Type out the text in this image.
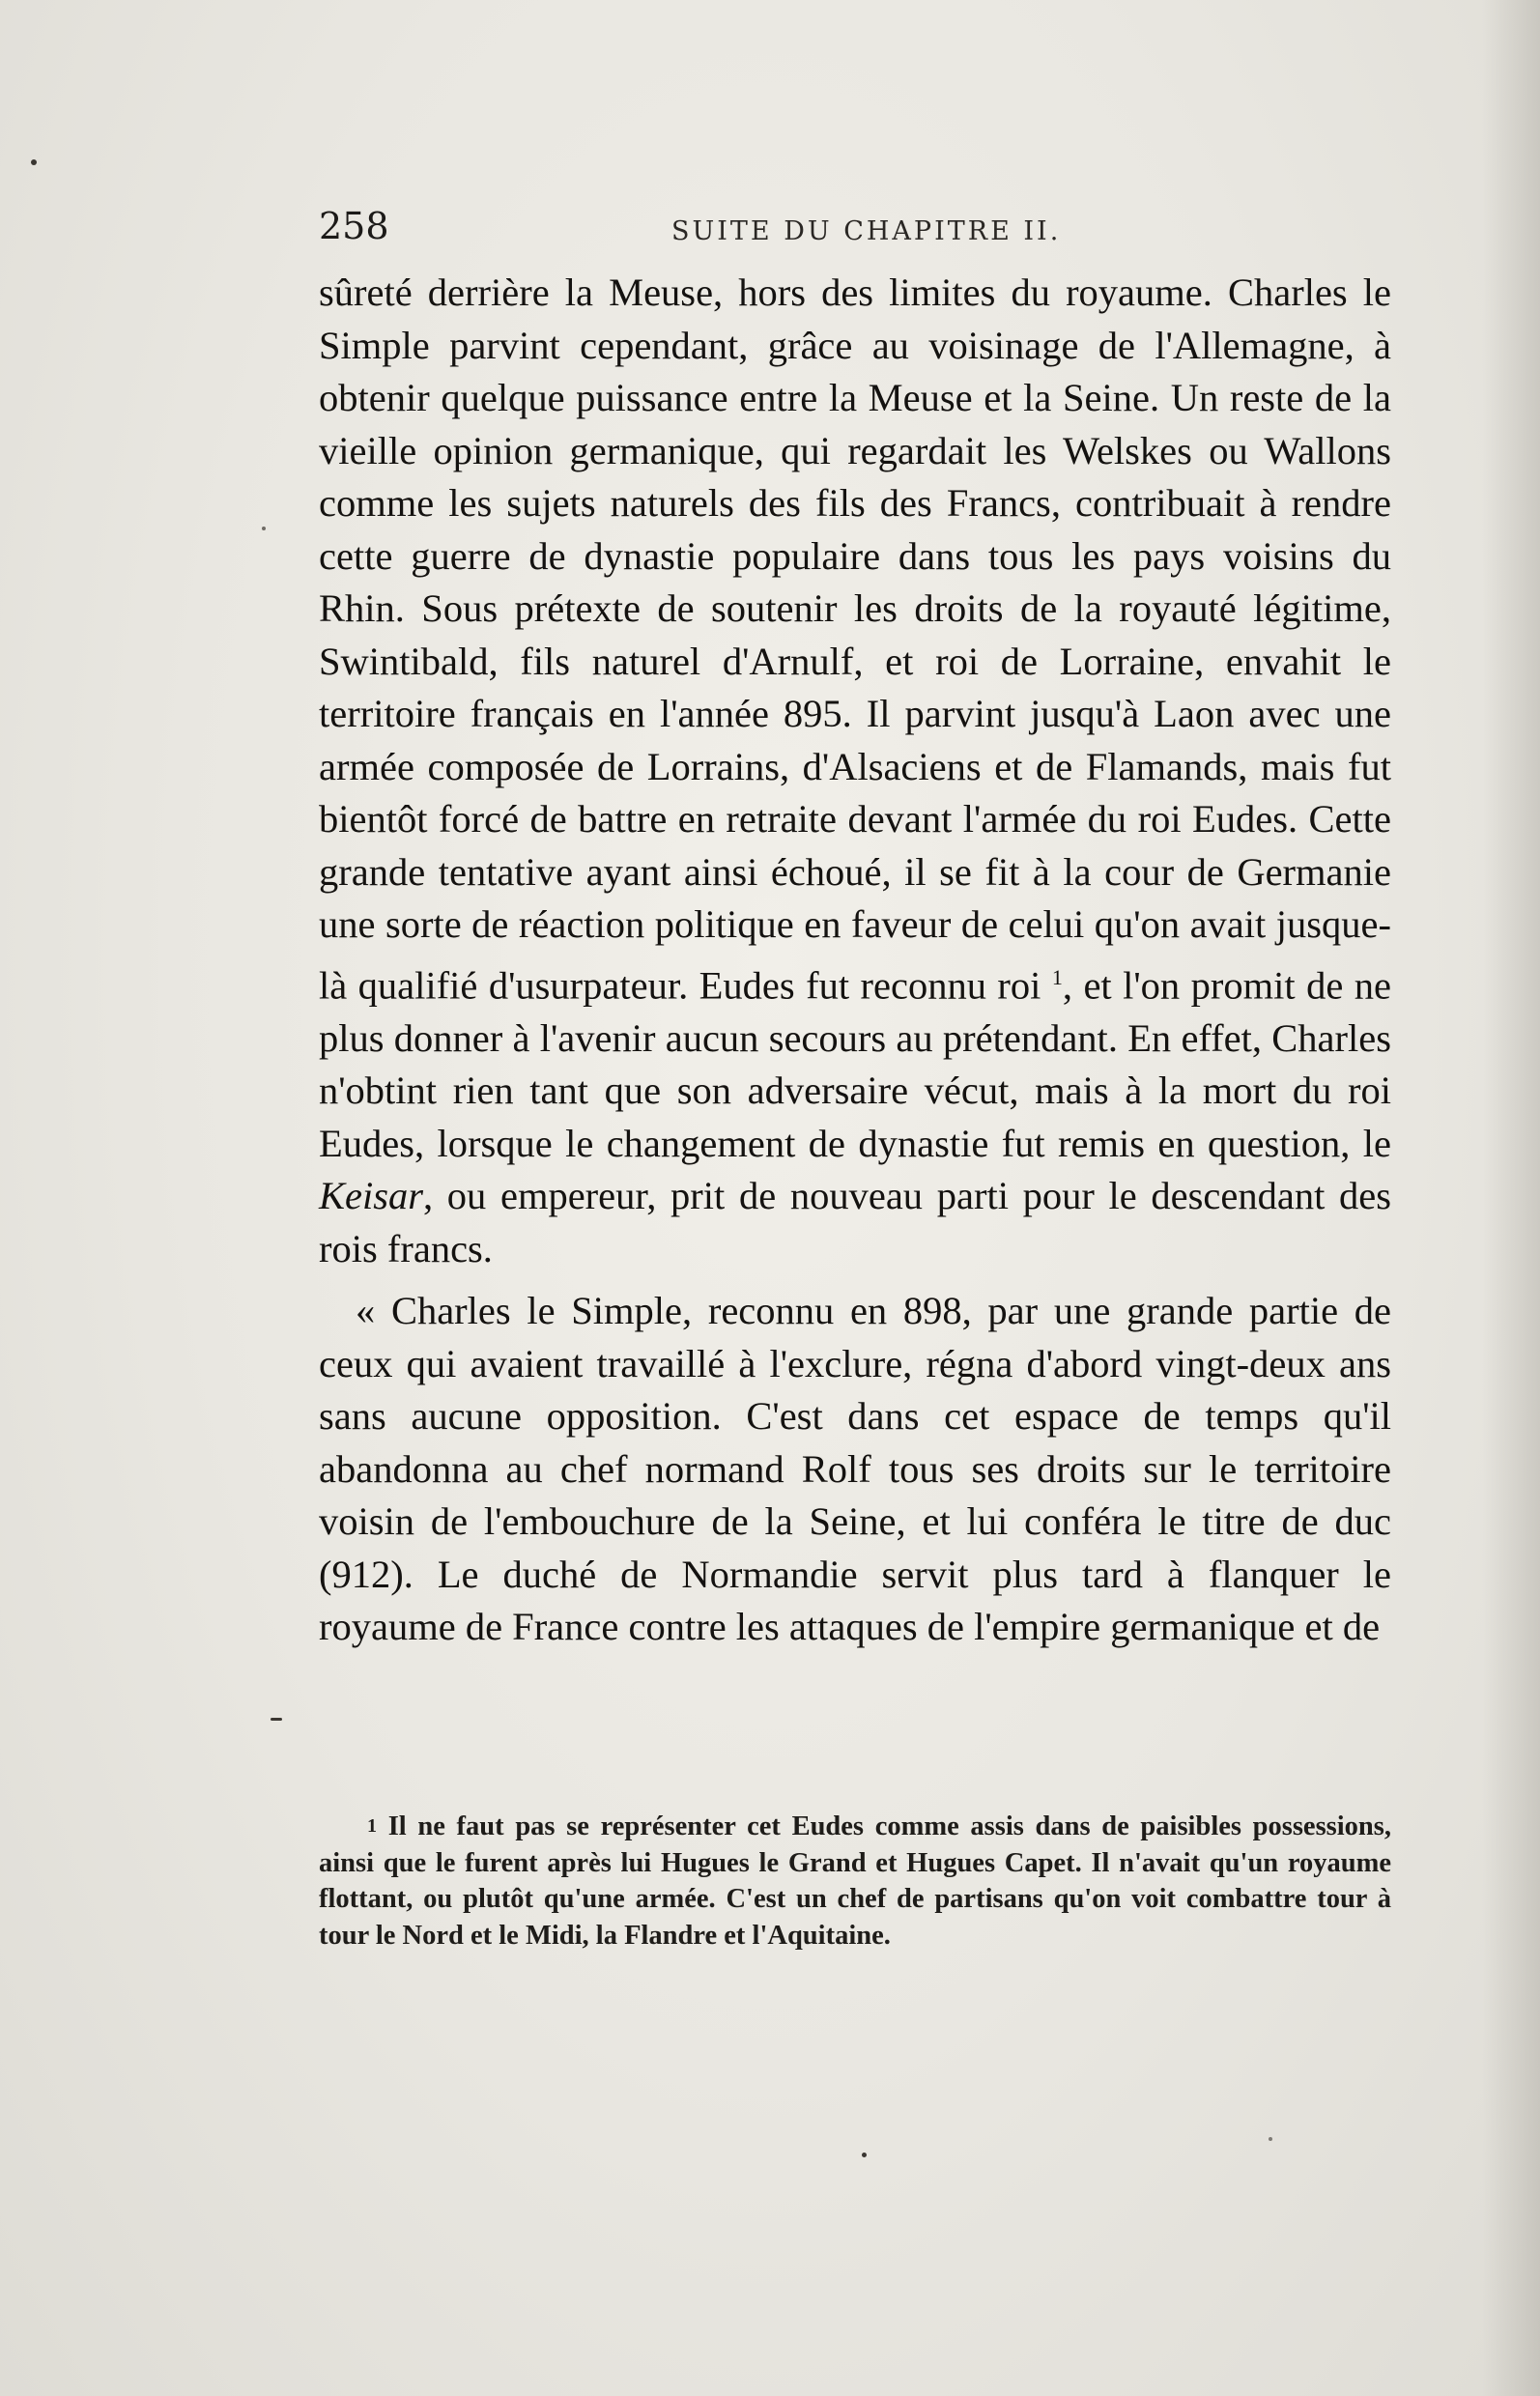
258	SUITE DU CHAPITRE II.

sûreté derrière la Meuse, hors des limites du royaume. Charles le Simple parvint cependant, grâce au voisinage de l'Allemagne, à obtenir quelque puissance entre la Meuse et la Seine. Un reste de la vieille opinion germanique, qui regardait les Welskes ou Wallons comme les sujets naturels des fils des Francs, contribuait à rendre cette guerre de dynastie populaire dans tous les pays voisins du Rhin. Sous prétexte de soutenir les droits de la royauté légitime, Swintibald, fils naturel d'Arnulf, et roi de Lorraine, envahit le territoire français en l'année 895. Il parvint jusqu'à Laon avec une armée composée de Lorrains, d'Alsaciens et de Flamands, mais fut bientôt forcé de battre en retraite devant l'armée du roi Eudes. Cette grande tentative ayant ainsi échoué, il se fit à la cour de Germanie une sorte de réaction politique en faveur de celui qu'on avait jusque-là qualifié d'usurpateur. Eudes fut reconnu roi $^1$, et l'on promit de ne plus donner à l'avenir aucun secours au prétendant. En effet, Charles n'obtint rien tant que son adversaire vécut, mais à la mort du roi Eudes, lorsque le changement de dynastie fut remis en question, le Keisar, ou empereur, prit de nouveau parti pour le descendant des rois francs.

« Charles le Simple, reconnu en 898, par une grande partie de ceux qui avaient travaillé à l'exclure, régna d'abord vingt-deux ans sans aucune opposition. C'est dans cet espace de temps qu'il abandonna au chef normand Rolf tous ses droits sur le territoire voisin de l'embouchure de la Seine, et lui conféra le titre de duc (912). Le duché de Normandie servit plus tard à flanquer le royaume de France contre les attaques de l'empire germanique et de

$^1$ Il ne faut pas se représenter cet Eudes comme assis dans de paisibles possessions, ainsi que le furent après lui Hugues le Grand et Hugues Capet. Il n'avait qu'un royaume flottant, ou plutôt qu'une armée. C'est un chef de partisans qu'on voit combattre tour à tour le Nord et le Midi, la Flandre et l'Aquitaine.
